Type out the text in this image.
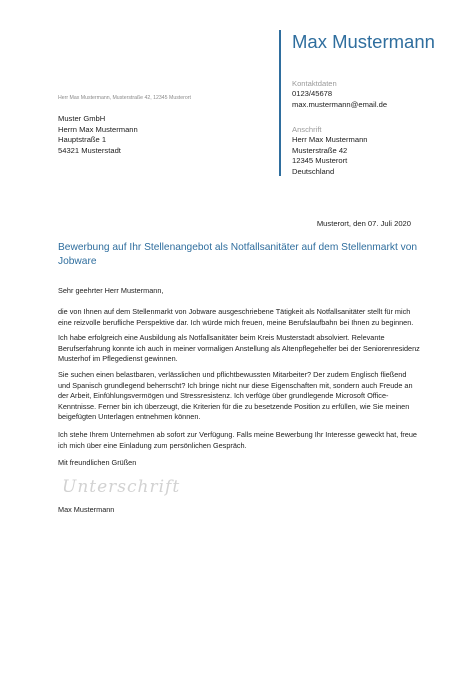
Max Mustermann
Kontaktdaten
0123/45678
max.mustermann@email.de
Anschrift
Herr Max Mustermann
Musterstraße 42
12345 Musterort
Deutschland
Herr Max Mustermann, Musterstraße 42, 12345 Musterort
Muster GmbH
Herrn Max Mustermann
Hauptstraße 1
54321 Musterstadt
Musterort, den 07. Juli 2020
Bewerbung auf Ihr Stellenangebot als Notfallsanitäter auf dem Stellenmarkt von Jobware
Sehr geehrter Herr Mustermann,
die von Ihnen auf dem Stellenmarkt von Jobware ausgeschriebene Tätigkeit als Notfallsanitäter stellt für mich eine reizvolle berufliche Perspektive dar. Ich würde mich freuen, meine Berufslaufbahn bei Ihnen zu beginnen.
Ich habe erfolgreich eine Ausbildung als Notfallsanitäter beim Kreis Musterstadt absolviert. Relevante Berufserfahrung konnte ich auch in meiner vormaligen Anstellung als Altenpflegehelfer bei der Seniorenresidenz Musterhof im Pflegedienst gewinnen.
Sie suchen einen belastbaren, verlässlichen und pflichtbewussten Mitarbeiter? Der zudem Englisch fließend und Spanisch grundlegend beherrscht? Ich bringe nicht nur diese Eigenschaften mit, sondern auch Freude an der Arbeit, Einfühlungsvermögen und Stressresistenz. Ich verfüge über grundlegende Microsoft Office-Kenntnisse. Ferner bin ich überzeugt, die Kriterien für die zu besetzende Position zu erfüllen, wie Sie meinen beigefügten Unterlagen entnehmen können.
Ich stehe Ihrem Unternehmen ab sofort zur Verfügung. Falls meine Bewerbung Ihr Interesse geweckt hat, freue ich mich über eine Einladung zum persönlichen Gespräch.
Mit freundlichen Grüßen
Unterschrift
Max Mustermann
